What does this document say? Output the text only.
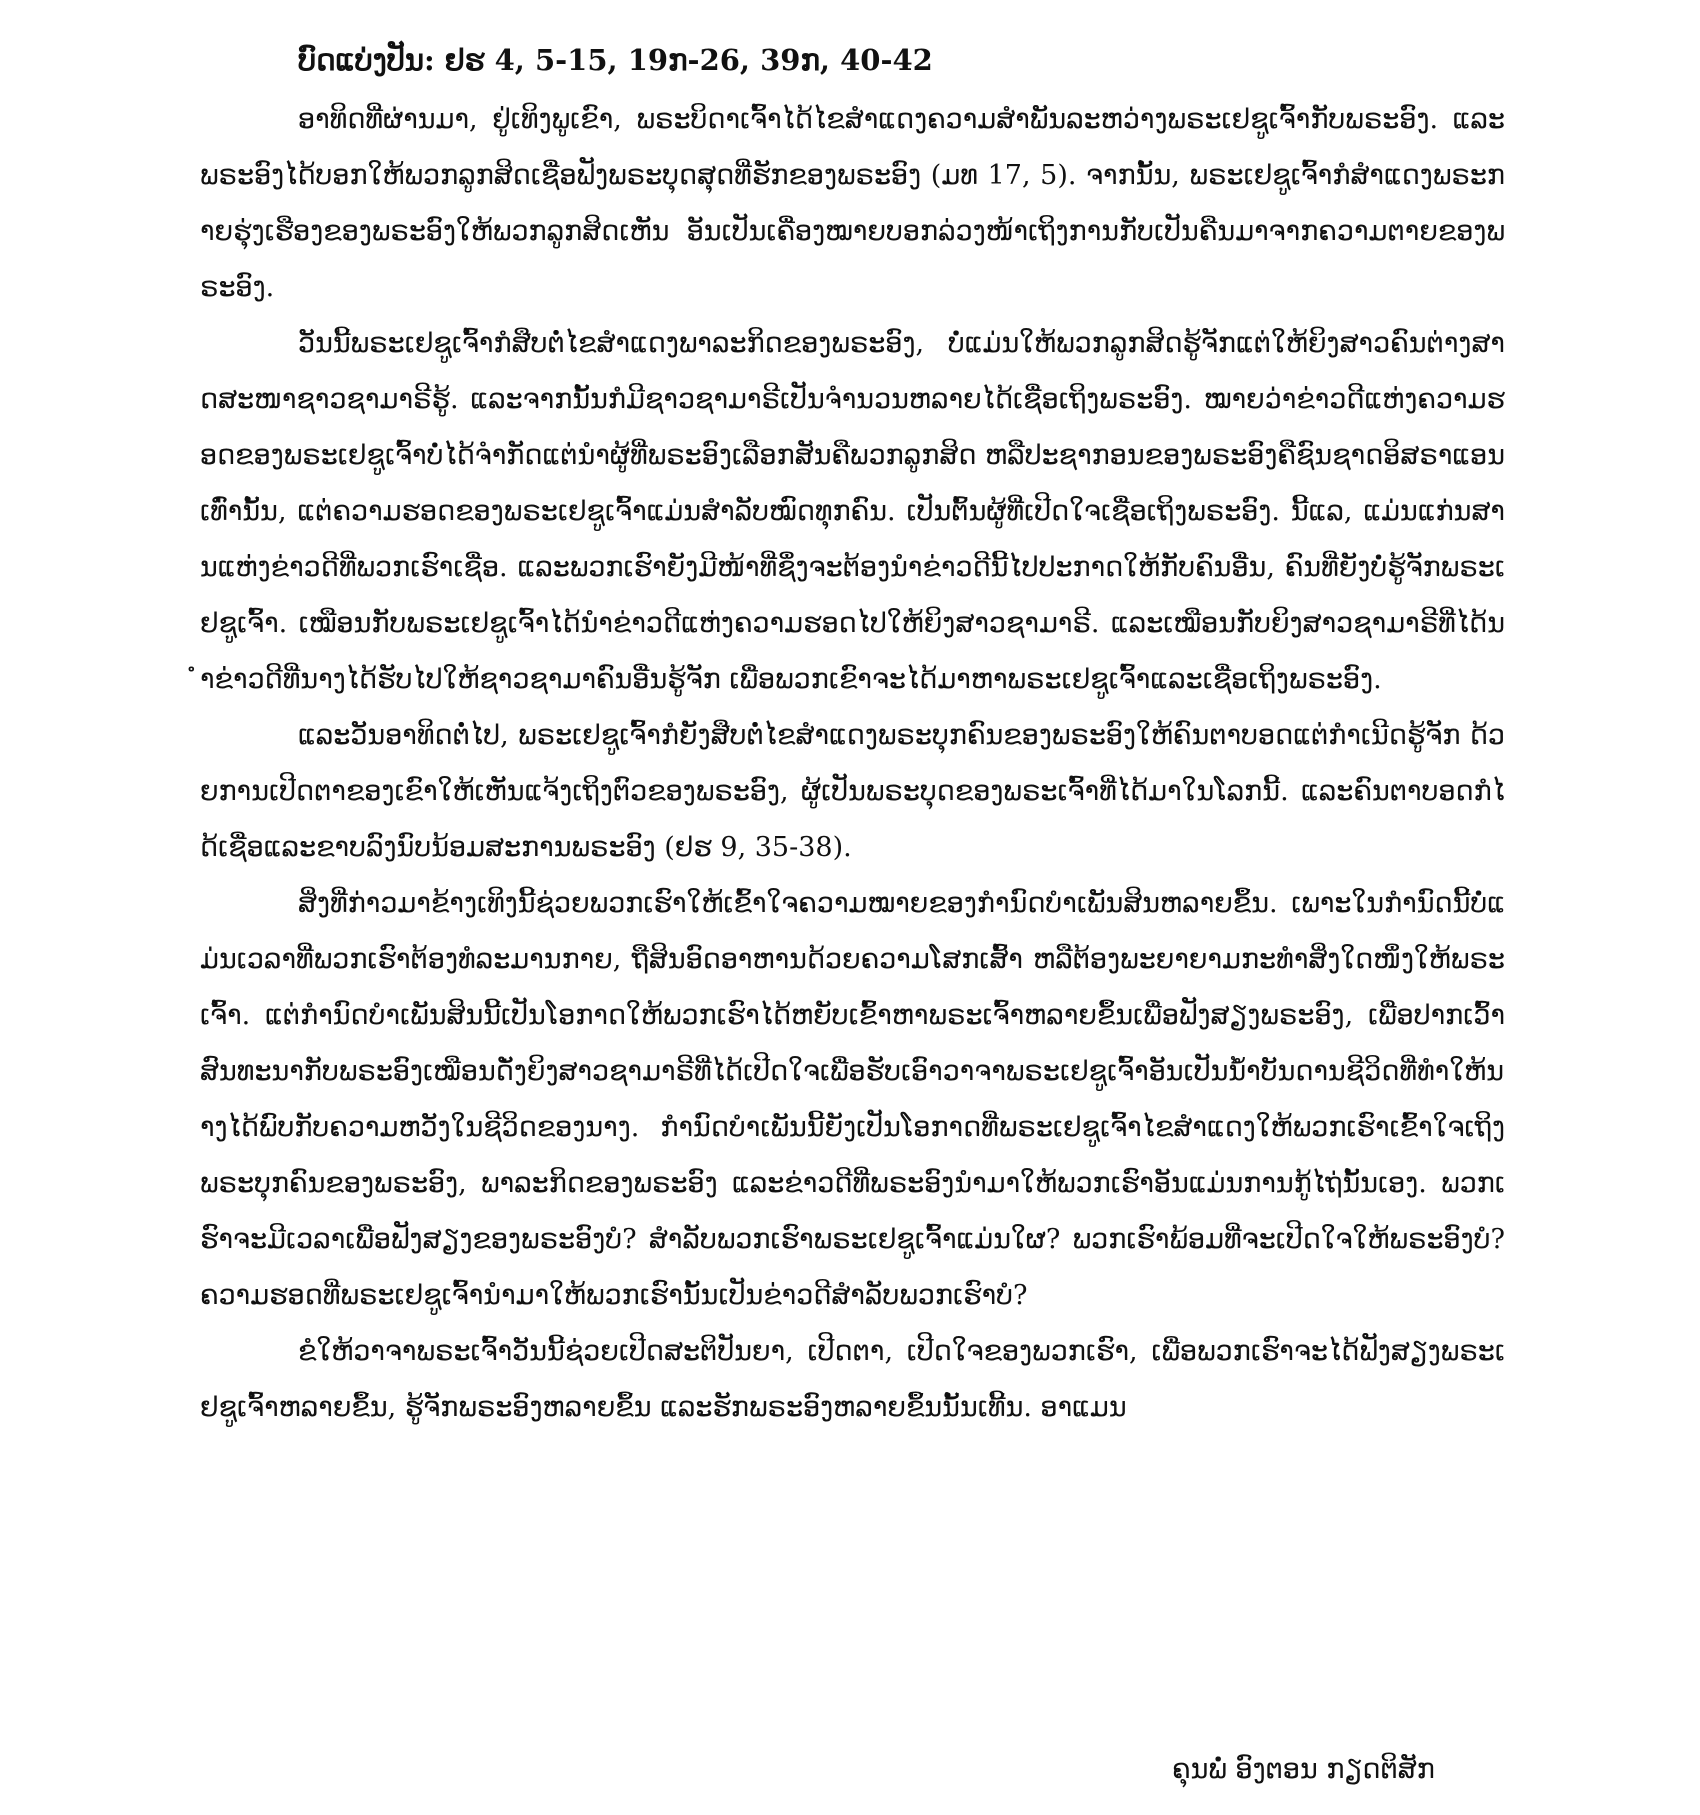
ບົດແບ່ງປັນ: ຢຮ 4, 5-15, 19ກ-26, 39ກ, 40-42

ອາທິດທີ່ຜ່ານມາ, ຢູ່ເທິງພູເຂົາ, ພຣະບິດາເຈົ້າໄດ້ໄຂສຳແດງຄວາມສຳພັນລະຫວ່າງພຣະເຢຊູເຈົ້າກັບພຣະອົງ. ແລະພຣະອົງໄດ້ບອກໃຫ້ພວກລູກສິດເຊື່ອຟັງພຣະບຸດສຸດທີ່ຮັກຂອງພຣະອົງ (ມທ 17, 5). ຈາກນັ້ນ, ພຣະເຢຊູເຈົ້າກໍສຳແດງພຣະກາຍຮຸ່ງເຮືອງຂອງພຣະອົງໃຫ້ພວກລູກສິດເຫັນ ອັນເປັນເຄື່ອງໝາຍບອກລ່ວງໜ້າເຖິງການກັບເປັນຄືນມາຈາກຄວາມຕາຍຂອງພຣະອົງ.

ວັນນີ້ພຣະເຢຊູເຈົ້າກໍສືບຕໍ່ໄຂສຳແດງພາລະກິດຂອງພຣະອົງ, ບໍ່ແມ່ນໃຫ້ພວກລູກສິດຮູ້ຈັກແຕ່ໃຫ້ຍິງສາວຄົນຕ່າງສາດສະໜາຊາວຊາມາຣີຮູ້. ແລະຈາກນັ້ນກໍມີຊາວຊາມາຣີເປັນຈຳນວນຫລາຍໄດ້ເຊື່ອເຖິງພຣະອົງ. ໝາຍວ່າຂ່າວດີແຫ່ງຄວາມຮອດຂອງພຣະເຢຊູເຈົ້າບໍ່ໄດ້ຈຳກັດແຕ່ນຳຜູ້ທີ່ພຣະອົງເລືອກສັນຄືພວກລູກສິດ ຫລືປະຊາກອນຂອງພຣະອົງຄືຊົນຊາດອິສຣາແອນເທົ່ານັ້ນ, ແຕ່ຄວາມຮອດຂອງພຣະເຢຊູເຈົ້າແມ່ນສຳລັບໝົດທຸກຄົນ. ເປັນຕົ້ນຜູ້ທີ່ເປີດໃຈເຊື່ອເຖິງພຣະອົງ. ນີ້ແລ, ແມ່ນແກ່ນສານແຫ່ງຂ່າວດີທີ່ພວກເຮົາເຊື່ອ. ແລະພວກເຮົາຍັງມີໜ້າທີ່ຊຶ່ງຈະຕ້ອງນຳຂ່າວດີນີ້ໄປປະກາດໃຫ້ກັບຄົນອື່ນ, ຄົນທີ່ຍັງບໍ່ຮູ້ຈັກພຣະເຢຊູເຈົ້າ. ເໝືອນກັບພຣະເຢຊູເຈົ້າໄດ້ນຳຂ່າວດີແຫ່ງຄວາມຮອດໄປໃຫ້ຍິງສາວຊາມາຣີ. ແລະເໝືອນກັບຍິງສາວຊາມາຣີທີ່ໄດ້ນຳຂ່າວດີທີ່ນາງໄດ້ຮັບໄປໃຫ້ຊາວຊາມາຄົນອື່ນຮູ້ຈັກ ເພື່ອພວກເຂົາຈະໄດ້ມາຫາພຣະເຢຊູເຈົ້າແລະເຊື່ອເຖິງພຣະອົງ.

ແລະວັນອາທິດຕໍ່ໄປ, ພຣະເຢຊູເຈົ້າກໍຍັງສືບຕໍ່ໄຂສຳແດງພຣະບຸກຄົນຂອງພຣະອົງໃຫ້ຄົນຕາບອດແຕ່ກຳເນີດຮູ້ຈັກ ດ້ວຍການເປີດຕາຂອງເຂົາໃຫ້ເຫັນແຈ້ງເຖິງຕົວຂອງພຣະອົງ, ຜູ້ເປັນພຣະບຸດຂອງພຣະເຈົ້າທີ່ໄດ້ມາໃນໂລກນີ້. ແລະຄົນຕາບອດກໍໄດ້ເຊື່ອແລະຂາບລົງນົບນ້ອມສະການພຣະອົງ (ຢຮ 9, 35-38).

ສິ່ງທີ່ກ່າວມາຂ້າງເທິງນີ້ຊ່ວຍພວກເຮົາໃຫ້ເຂົ້າໃຈຄວາມໝາຍຂອງກຳນົດບຳເພັນສິນຫລາຍຂຶ້ນ. ເພາະໃນກຳນົດນີ້ບໍ່ແມ່ນເວລາທີ່ພວກເຮົາຕ້ອງທໍລະມານກາຍ, ຖືສິນອົດອາຫານດ້ວຍຄວາມໂສກເສົ້າ ຫລືຕ້ອງພະຍາຍາມກະທຳສິ່ງໃດໜຶ່ງໃຫ້ພຣະເຈົ້າ. ແຕ່ກຳນົດບຳເພັນສິນນີ້ເປັນໂອກາດໃຫ້ພວກເຮົາໄດ້ຫຍັບເຂົ້າຫາພຣະເຈົ້າຫລາຍຂຶ້ນເພື່ອຟັງສຽງພຣະອົງ, ເພື່ອປາກເວົ້າສົນທະນາກັບພຣະອົງເໝືອນດັ່ງຍິງສາວຊາມາຣີທີ່ໄດ້ເປີດໃຈເພື່ອຮັບເອົາວາຈາພຣະເຢຊູເຈົ້າອັນເປັນນ້ຳບັນດານຊີວິດທີ່ທຳໃຫ້ນາງໄດ້ພົບກັບຄວາມຫວັງໃນຊີວິດຂອງນາງ. ກຳນົດບຳເພັນນີ້ຍັງເປັນໂອກາດທີ່ພຣະເຢຊູເຈົ້າໄຂສຳແດງໃຫ້ພວກເຮົາເຂົ້າໃຈເຖິງພຣະບຸກຄົນຂອງພຣະອົງ, ພາລະກິດຂອງພຣະອົງ ແລະຂ່າວດີທີ່ພຣະອົງນຳມາໃຫ້ພວກເຮົາອັນແມ່ນການກູ້ໄຖ່ນັ້ນເອງ. ພວກເຮົາຈະມີເວລາເພື່ອຟັງສຽງຂອງພຣະອົງບໍ? ສຳລັບພວກເຮົາພຣະເຢຊູເຈົ້າແມ່ນໃຜ? ພວກເຮົາພ້ອມທີ່ຈະເປີດໃຈໃຫ້ພຣະອົງບໍ? ຄວາມຮອດທີ່ພຣະເຢຊູເຈົ້ານຳມາໃຫ້ພວກເຮົານັ້ນເປັນຂ່າວດີສຳລັບພວກເຮົາບໍ?

ຂໍໃຫ້ວາຈາພຣະເຈົ້າວັນນີ້ຊ່ວຍເປີດສະຕິປັນຍາ, ເປີດຕາ, ເປີດໃຈຂອງພວກເຮົາ, ເພື່ອພວກເຮົາຈະໄດ້ຟັງສຽງພຣະເຢຊູເຈົ້າຫລາຍຂຶ້ນ, ຮູ້ຈັກພຣະອົງຫລາຍຂຶ້ນ ແລະຮັກພຣະອົງຫລາຍຂຶ້ນນັ້ນເທີ້ນ. ອາແມນ

ຄຸນພໍ່ ອົງຕອນ ກຽດຕິສັກ
